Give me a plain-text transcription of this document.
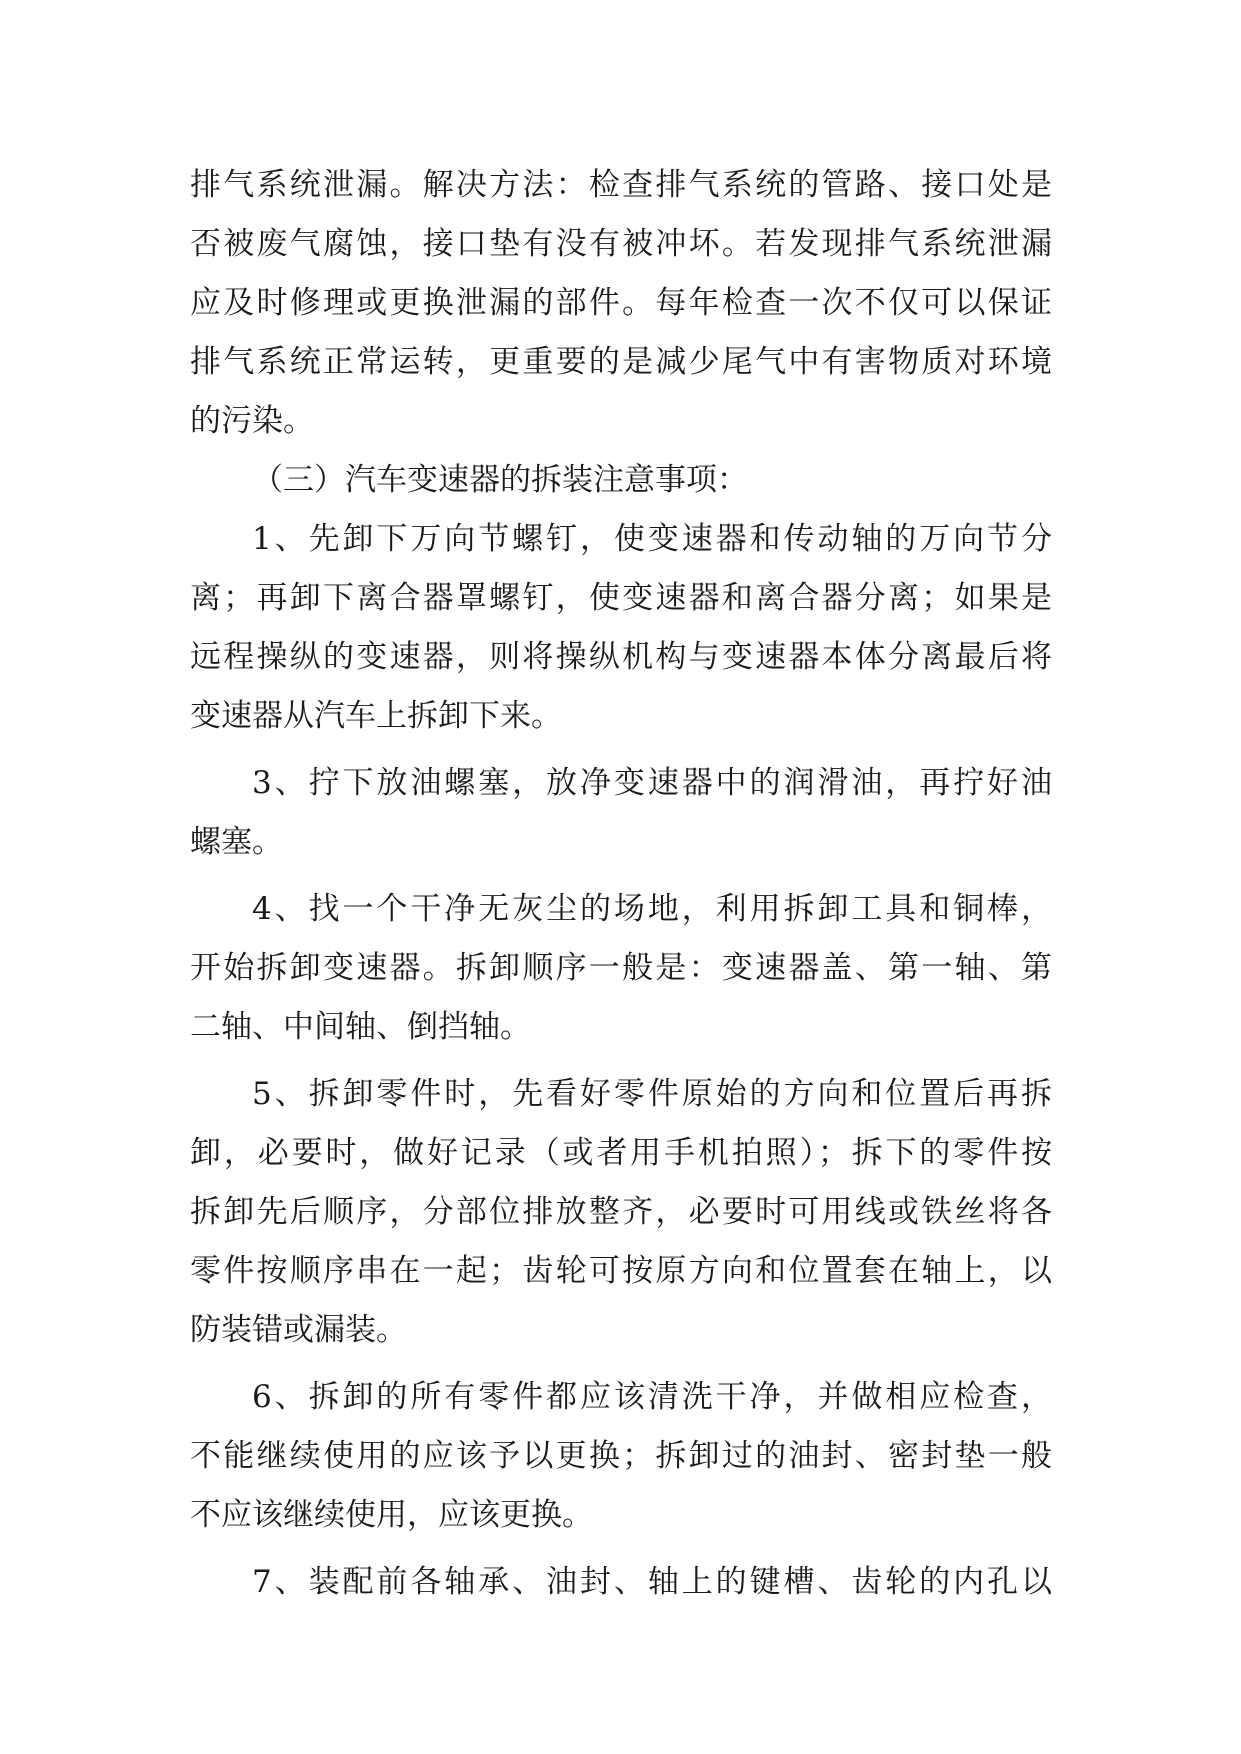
排气系统泄漏。解决方法：检查排气系统的管路、接口处是
否被废气腐蚀，接口垫有没有被冲坏。若发现排气系统泄漏
应及时修理或更换泄漏的部件。每年检查一次不仅可以保证
排气系统正常运转，更重要的是减少尾气中有害物质对环境
的污染。
（三）汽车变速器的拆装注意事项：
1、先卸下万向节螺钉，使变速器和传动轴的万向节分
离；再卸下离合器罩螺钉，使变速器和离合器分离；如果是
远程操纵的变速器，则将操纵机构与变速器本体分离最后将
变速器从汽车上拆卸下来。
3、拧下放油螺塞，放净变速器中的润滑油，再拧好油
螺塞。
4、找一个干净无灰尘的场地，利用拆卸工具和铜棒，
开始拆卸变速器。拆卸顺序一般是：变速器盖、第一轴、第
二轴、中间轴、倒挡轴。
5、拆卸零件时，先看好零件原始的方向和位置后再拆
卸，必要时，做好记录（或者用手机拍照）；拆下的零件按
拆卸先后顺序，分部位排放整齐，必要时可用线或铁丝将各
零件按顺序串在一起；齿轮可按原方向和位置套在轴上，以
防装错或漏装。
6、拆卸的所有零件都应该清洗干净，并做相应检查，
不能继续使用的应该予以更换；拆卸过的油封、密封垫一般
不应该继续使用，应该更换。
7、装配前各轴承、油封、轴上的键槽、齿轮的内孔以
